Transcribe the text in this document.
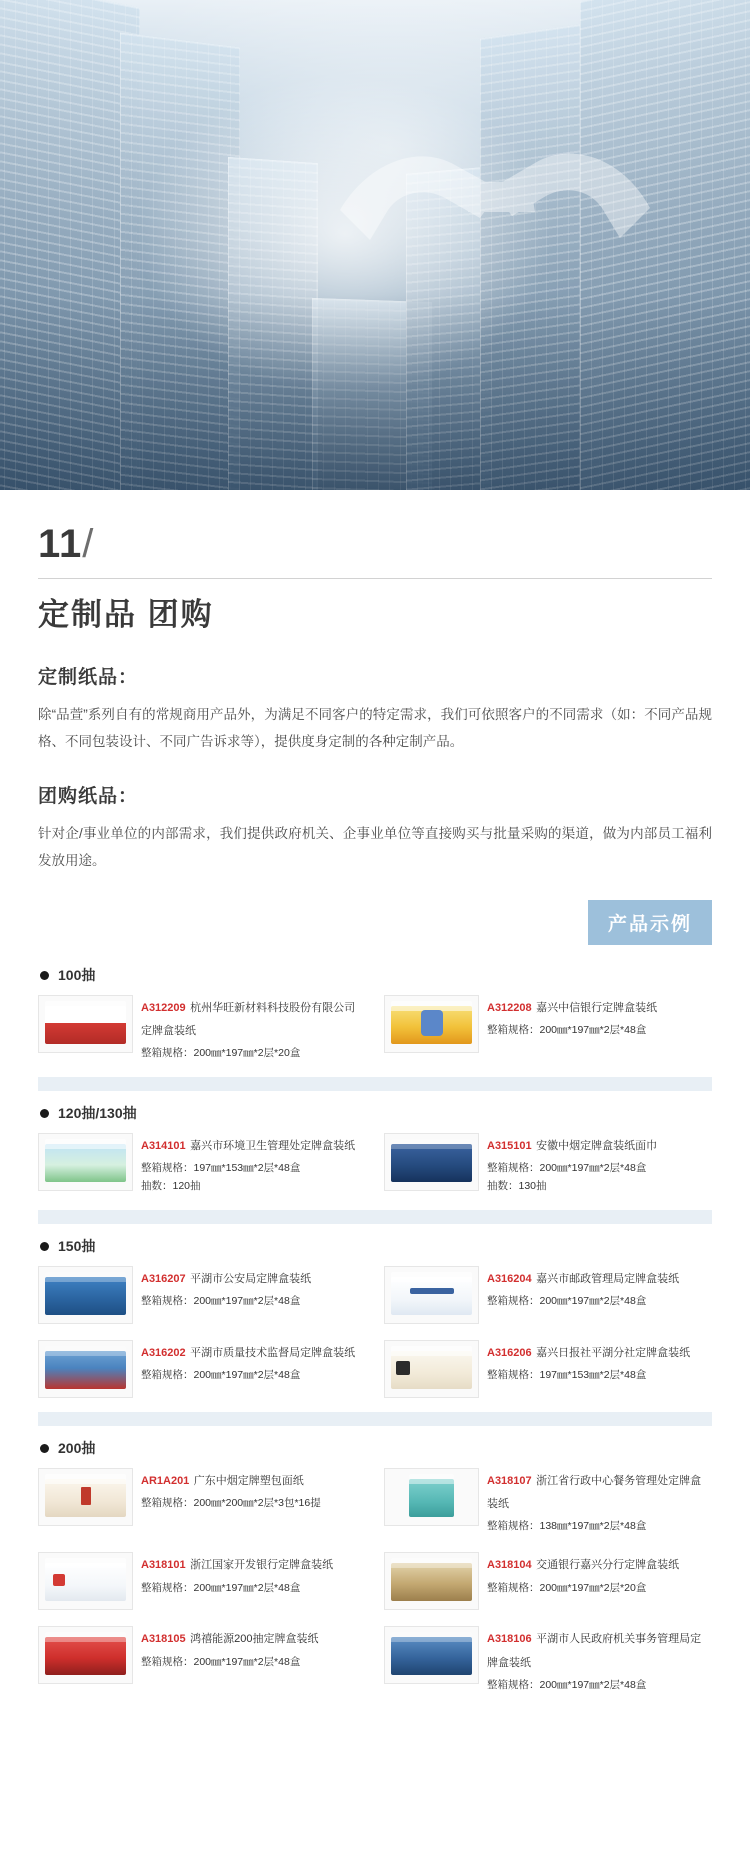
11/
定制品 团购
定制纸品：
除“品萱”系列自有的常规商用产品外，为满足不同客户的特定需求，我们可依照客户的不同需求（如：不同产品规格、不同包装设计、不同广告诉求等），提供度身定制的各种定制产品。
团购纸品：
针对企/事业单位的内部需求，我们提供政府机关、企事业单位等直接购买与批量采购的渠道，做为内部员工福利发放用途。
产品示例
100抽
A312209 杭州华旺新材料科技股份有限公司定牌盒装纸
整箱规格：200㎜*197㎜*2层*20盒
A312208 嘉兴中信银行定牌盒装纸
整箱规格：200㎜*197㎜*2层*48盒
120抽/130抽
A314101 嘉兴市环境卫生管理处定牌盒装纸
整箱规格：197㎜*153㎜*2层*48盒
抽数：120抽
A315101 安徽中烟定牌盒装纸面巾
整箱规格：200㎜*197㎜*2层*48盒
抽数：130抽
150抽
A316207 平湖市公安局定牌盒装纸
整箱规格：200㎜*197㎜*2层*48盒
A316204 嘉兴市邮政管理局定牌盒装纸
整箱规格：200㎜*197㎜*2层*48盒
A316202 平湖市质量技术监督局定牌盒装纸
整箱规格：200㎜*197㎜*2层*48盒
A316206 嘉兴日报社平湖分社定牌盒装纸
整箱规格：197㎜*153㎜*2层*48盒
200抽
AR1A201 广东中烟定牌塑包面纸
整箱规格：200㎜*200㎜*2层*3包*16提
A318107 浙江省行政中心餐务管理处定牌盒装纸
整箱规格：138㎜*197㎜*2层*48盒
A318101 浙江国家开发银行定牌盒装纸
整箱规格：200㎜*197㎜*2层*48盒
A318104 交通银行嘉兴分行定牌盒装纸
整箱规格：200㎜*197㎜*2层*20盒
A318105 鸿禧能源200抽定牌盒装纸
整箱规格：200㎜*197㎜*2层*48盒
A318106 平湖市人民政府机关事务管理局定牌盒装纸
整箱规格：200㎜*197㎜*2层*48盒
